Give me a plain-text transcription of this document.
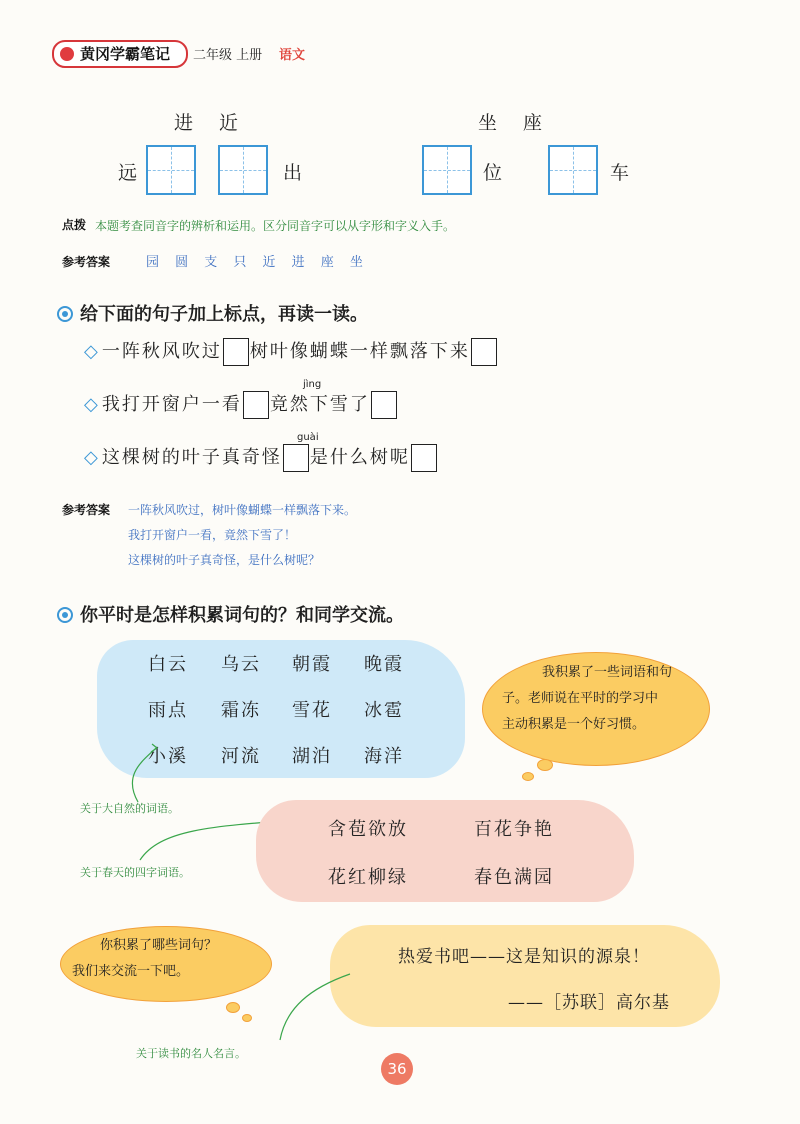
黄冈学霸笔记	二年级 上册 语文
进 近	坐 座
远	出	位	车
点拨 本题考查同音字的辨析和运用。区分同音字可以从字形和字义入手。
参考答案	园 圆 支 只 近 进 座 坐
给下面的句子加上标点，再读一读。
◇ 一阵秋风吹过 树叶像蝴蝶一样飘落下来
jìng
◇ 我打开窗户一看 竟然下雪了
guài
◇ 这棵树的叶子真奇怪 是什么树呢
参考答案 一阵秋风吹过，树叶像蝴蝶一样飘落下来。
我打开窗户一看，竟然下雪了！
这棵树的叶子真奇怪，是什么树呢？
你平时是怎样积累词句的？和同学交流。
白云 乌云 朝霞 晚霞
雨点 霜冻 雪花 冰雹
小溪 河流 湖泊 海洋
我积累了一些词语和句
子。老师说在平时的学习中
主动积累是一个好习惯。
关于大自然的词语。
含苞欲放	百花争艳
花红柳绿	春色满园
关于春天的四字词语。
你积累了哪些词句？
我们来交流一下吧。
热爱书吧——这是知识的源泉！
——［苏联］高尔基
关于读书的名人名言。
36
